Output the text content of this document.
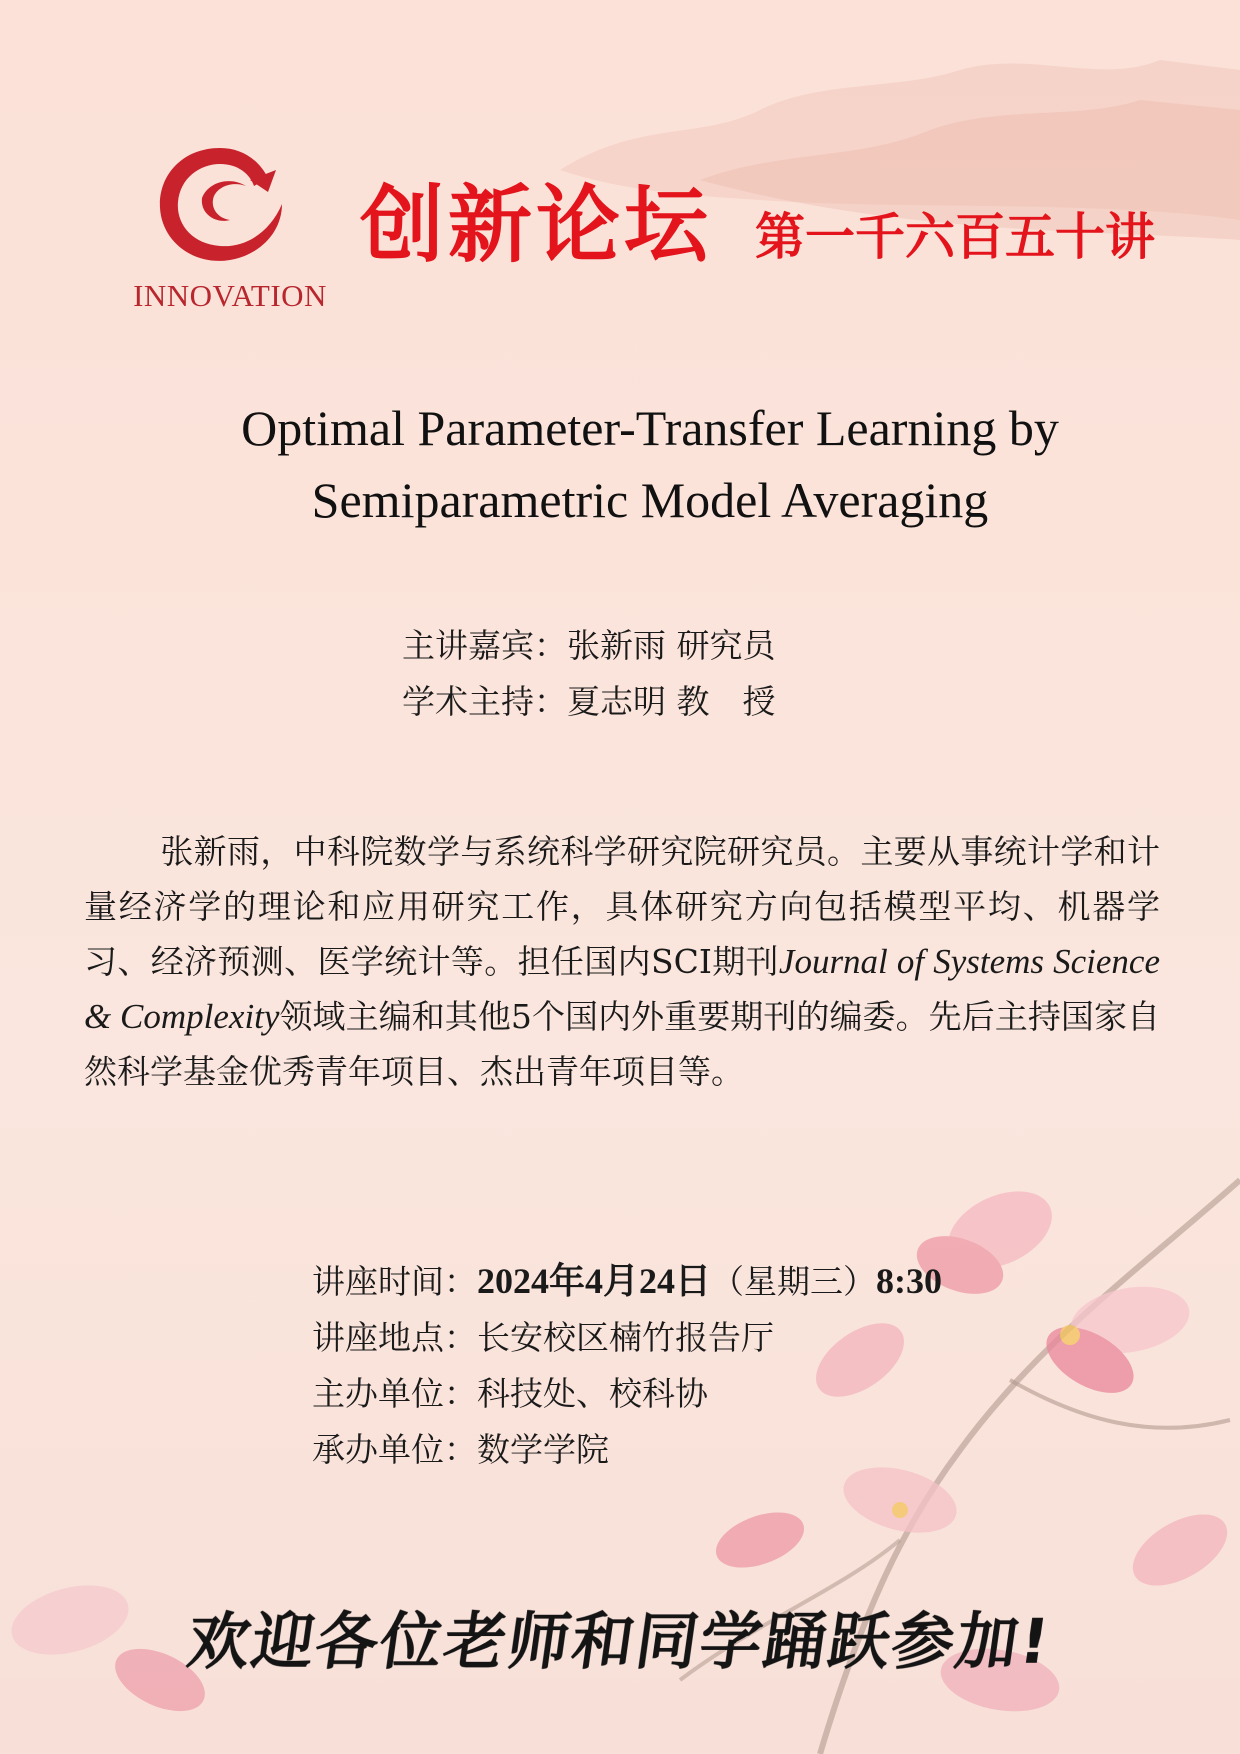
INNOVATION
创新论坛 第一千六百五十讲
Optimal Parameter-Transfer Learning by
Semiparametric Model Averaging
主讲嘉宾：张新雨 研究员
学术主持：夏志明 教　授
张新雨，中科院数学与系统科学研究院研究员。主要从事统计学和计量经济学的理论和应用研究工作，具体研究方向包括模型平均、机器学习、经济预测、医学统计等。担任国内SCI期刊Journal of Systems Science & Complexity领域主编和其他5个国内外重要期刊的编委。先后主持国家自然科学基金优秀青年项目、杰出青年项目等。
讲座时间：2024年4月24日（星期三）8:30
讲座地点：长安校区楠竹报告厅
主办单位：科技处、校科协
承办单位：数学学院
欢迎各位老师和同学踊跃参加!
